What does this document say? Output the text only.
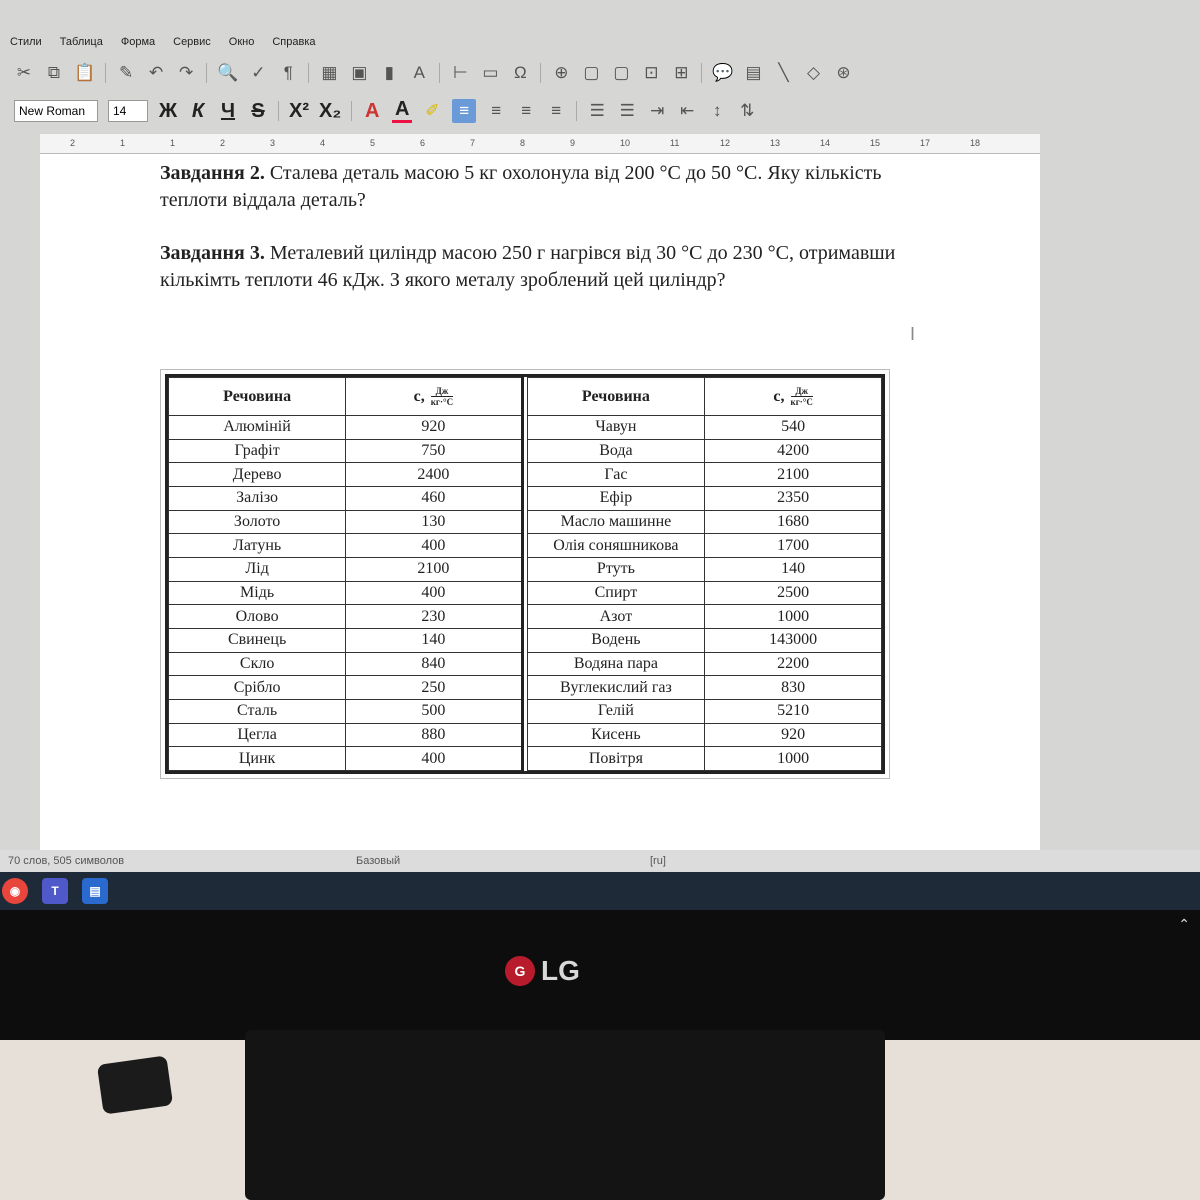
Стили Таблица Форма Сервис Окно Справка
✂ ⧉ 📋 ✎ ↶ ↷ 🔍 ✓	¶	▦ ▣	▮	A ⊢ ▭ Ω ⊕ ▢ ▢ ⊡ ⊞ 💬 ▤ ╲ ◇ ⊛
New Roman	14	Ж К Ч S X² X₂ A A ✐	≡	≡ ≡ ≡ ☰ ☰ ⇥ ⇤	↕	⇅
2	1	1	2	3	4	5	6	7	8	9	10	11	12	13	14	15	17	18

Завдання 2. Сталева деталь масою 5 кг охолонула від 200 °С до 50 °С. Яку кількість теплоти віддала деталь?

Завдання 3. Металевий циліндр масою 250 г нагрівся від 30 °С до 230 °С, отримавши кількімть теплоти 46 кДж. З якого металу зроблений цей циліндр?

I
Речовина	c, $\frac{Дж}{кг\cdot^\circ С}$

Алюміній	920
Графіт	750
Дерево	2400
Залізо	460
Золото	130
Латунь	400
Лід	2100
Мідь	400
Олово	230
Свинець	140
Скло	840
Срібло	250
Сталь	500
Цегла	880
Цинк	400
Речовина	c, $\frac{Дж}{кг\cdot^\circ С}$

Чавун	540
Вода	4200
Гас	2100
Ефір	2350
Масло машинне	1680
Олія соняшникова	1700
Ртуть	140
Спирт	2500
Азот	1000
Водень	143000
Водяна пара	2200
Вуглекислий газ	830
Гелій	5210
Кисень	920
Повітря	1000
70 слов, 505 символов	Базовый	[ru]
◉	T	▤
⌃
G LG
